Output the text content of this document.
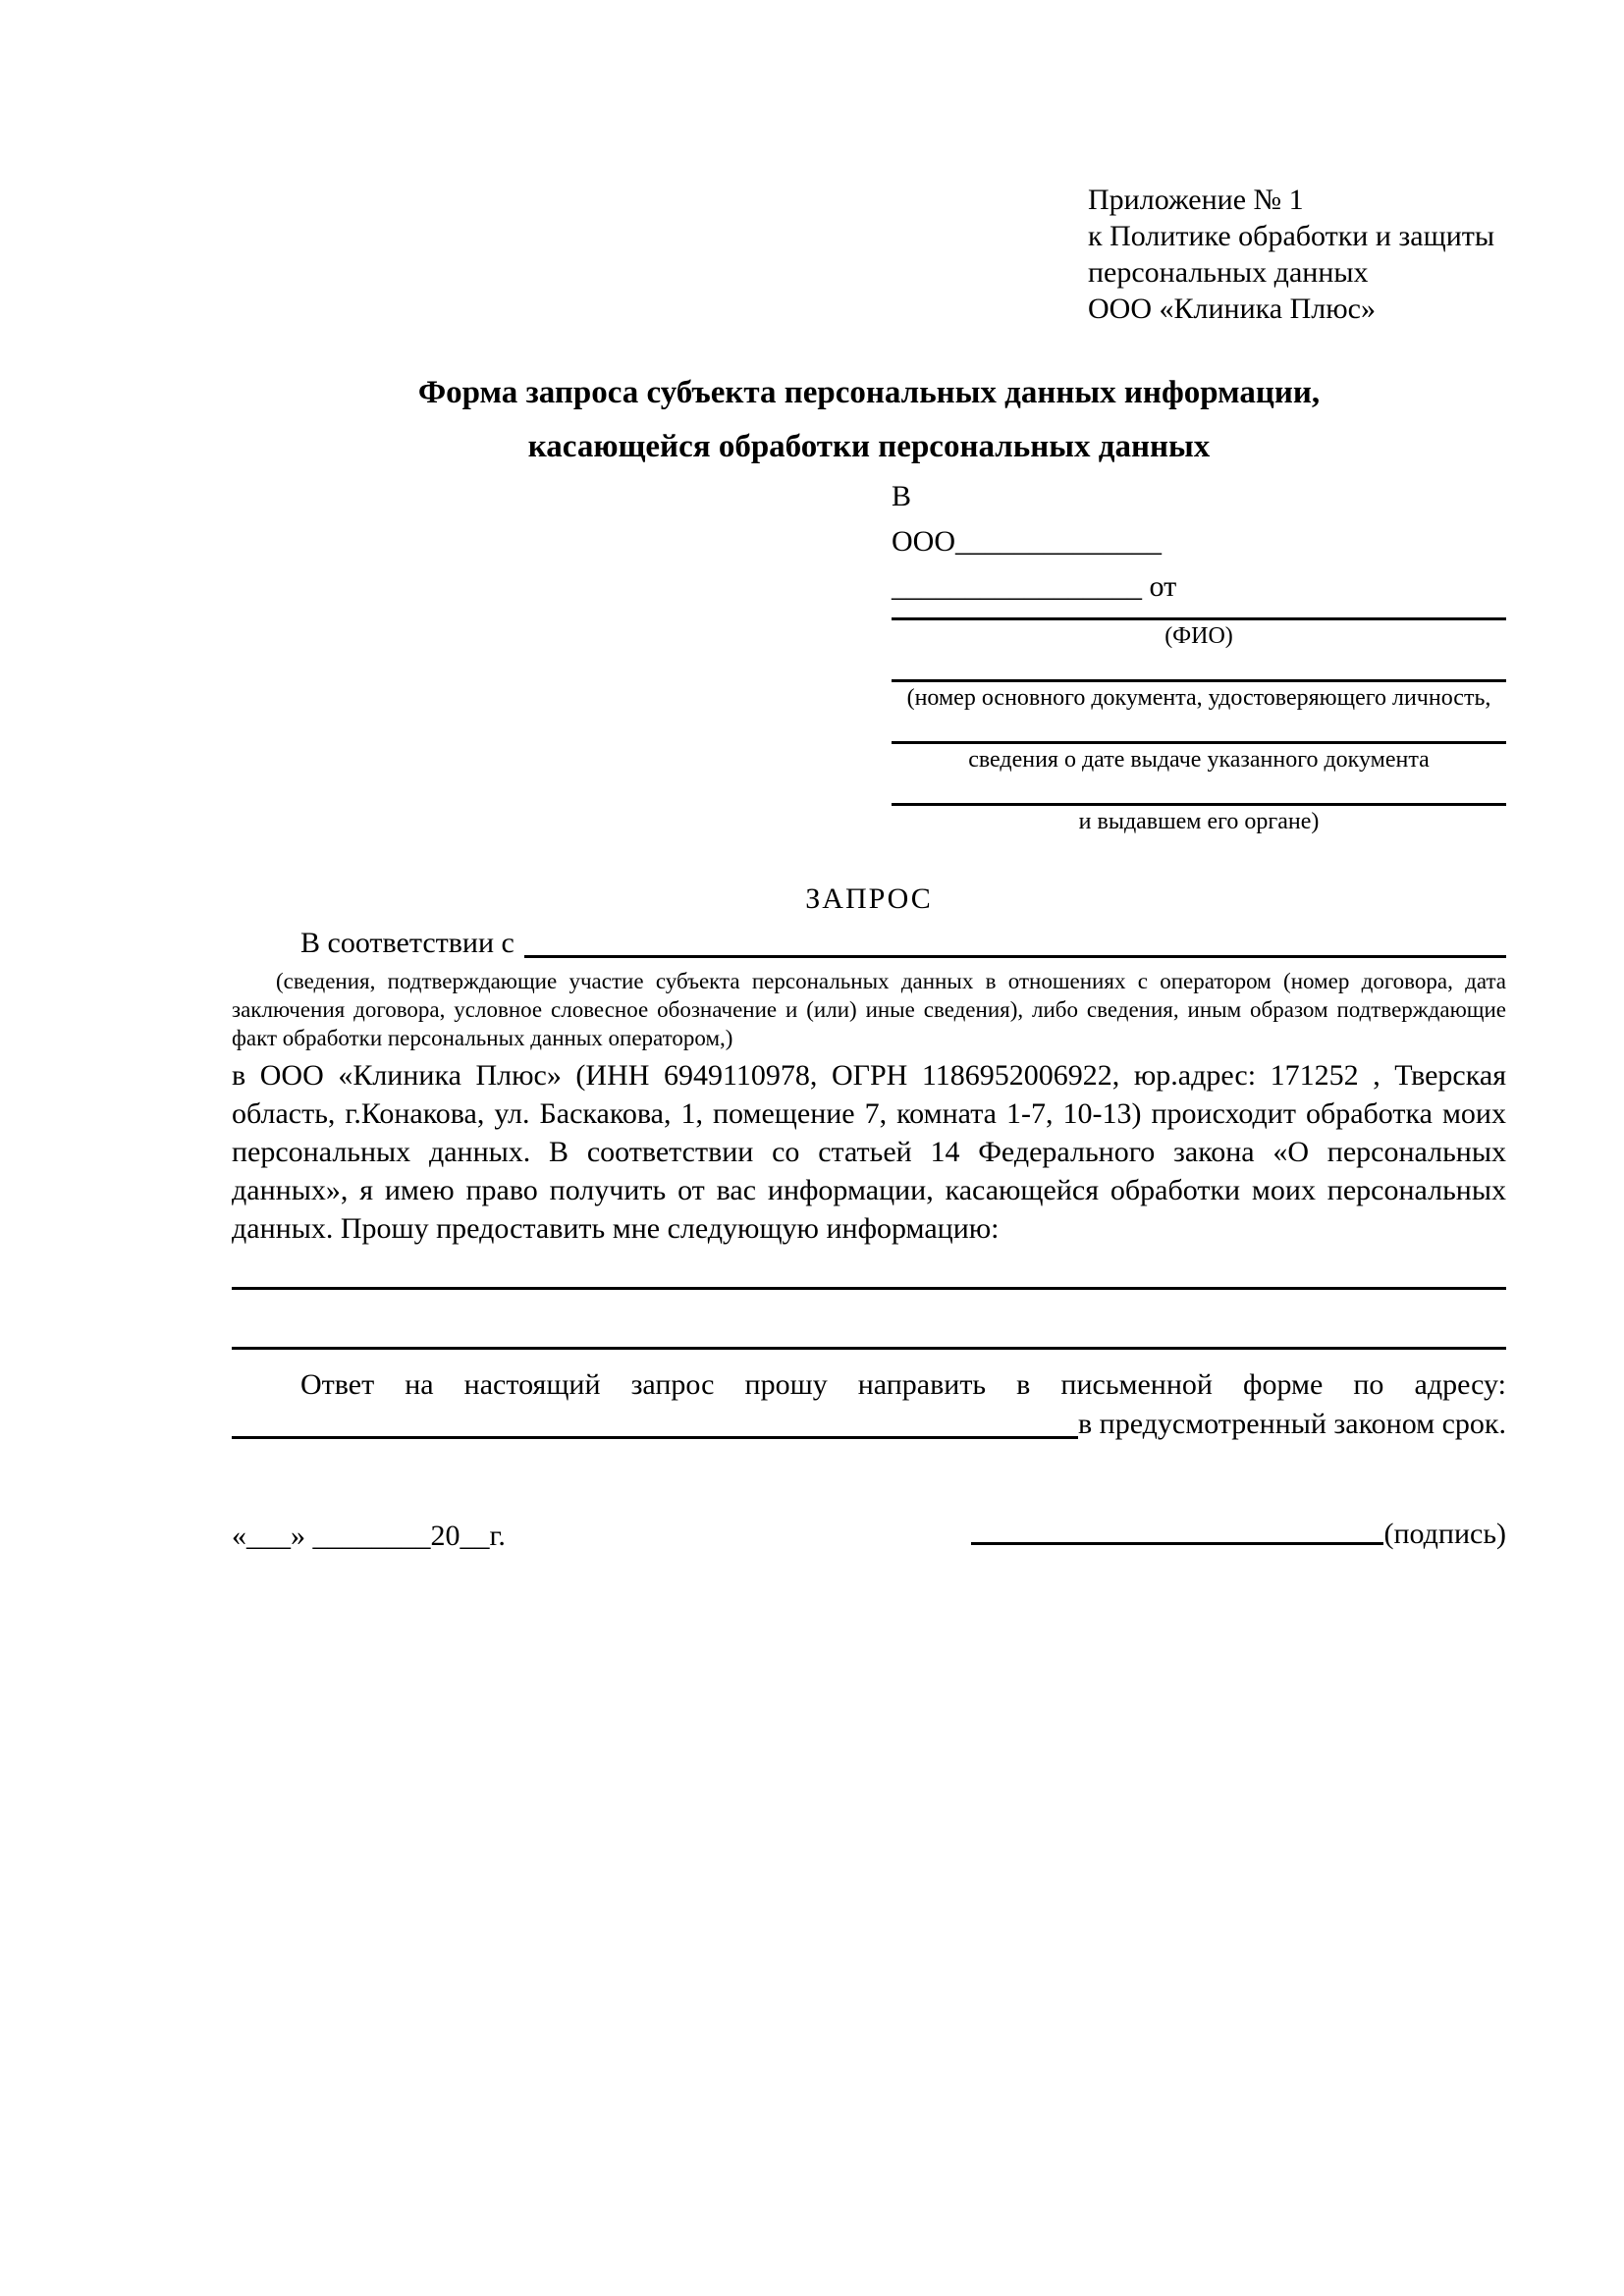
Приложение № 1
к Политике обработки и защиты
персональных данных
ООО «Клиника Плюс»
Форма запроса субъекта персональных данных информации,
касающейся обработки персональных данных
В
ООО______________
_________________ от
(ФИО)
(номер основного документа, удостоверяющего личность,
сведения о дате выдаче указанного документа
и выдавшем его органе)
ЗАПРОС
В соответствии с

(сведения, подтверждающие участие субъекта персональных данных в отношениях с оператором (номер договора, дата заключения договора, условное словесное обозначение и (или) иные сведения), либо сведения, иным образом подтверждающие факт обработки персональных данных оператором,)

в ООО «Клиника Плюс» (ИНН 6949110978, ОГРН 1186952006922, юр.адрес: 171252 , Тверская область, г.Конакова, ул. Баскакова, 1, помещение 7, комната 1-7, 10-13) происходит обработка моих персональных данных. В соответствии со статьей 14 Федерального закона «О персональных данных», я имею право получить от вас информации, касающейся обработки моих персональных данных. Прошу предоставить мне следующую информацию:

Ответ на настоящий запрос прошу направить в письменной форме по адресу:
в предусмотренный законом срок.
«___» ________20__г.	(подпись)
